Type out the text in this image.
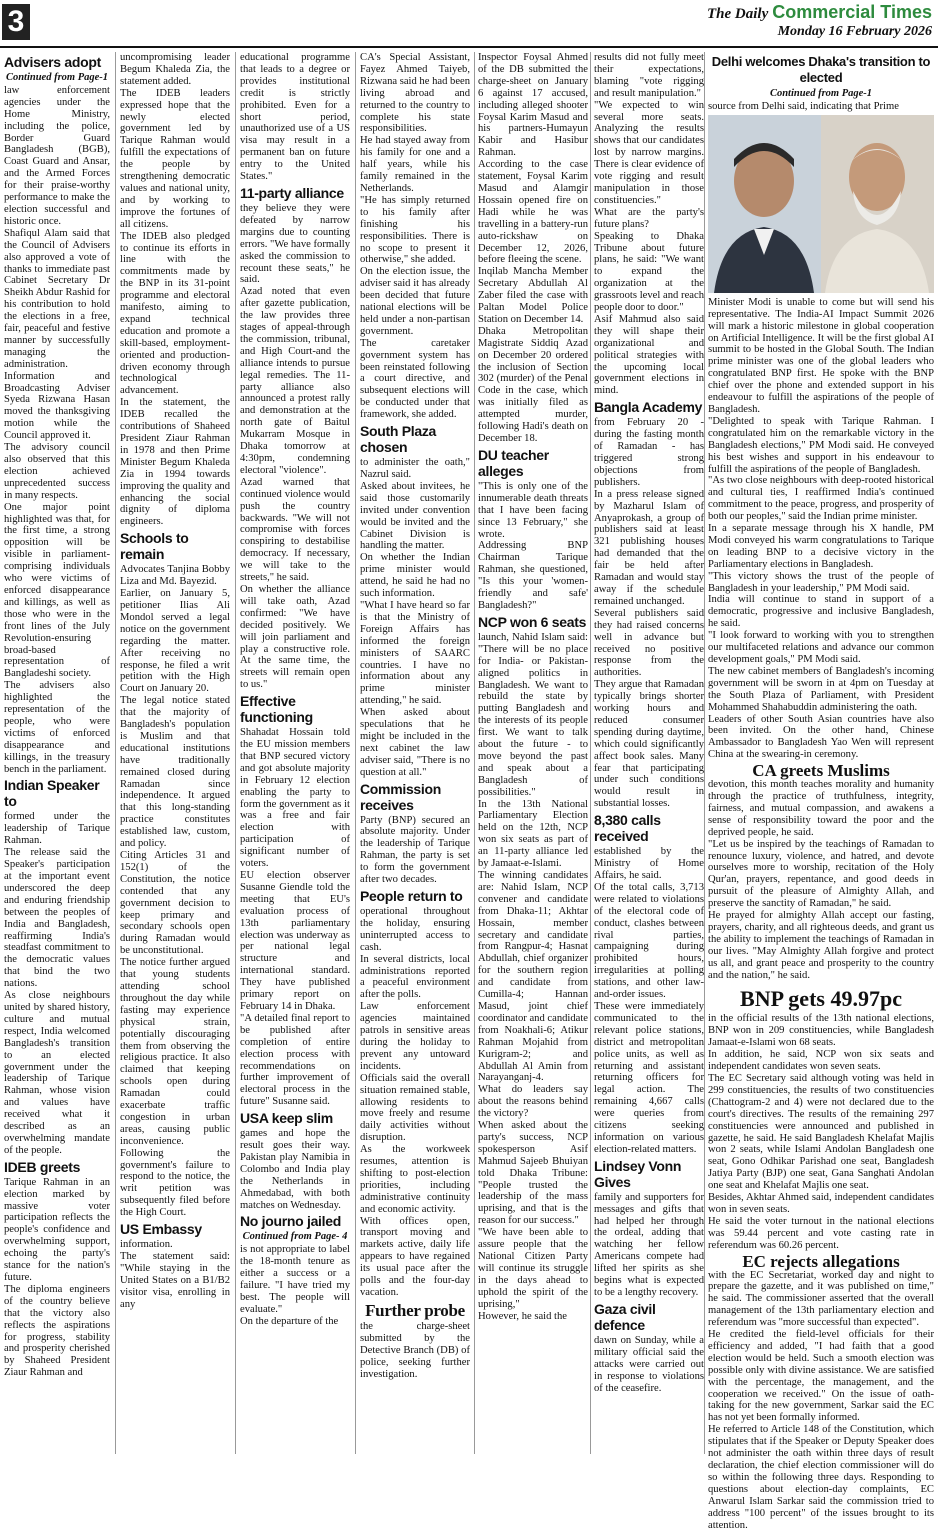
3	The Daily Commercial Times
Monday 16 February 2026
Advisers adopt
Continued from Page-1

law enforcement agencies under the Home Ministry, including the police, Border Guard Bangladesh (BGB), Coast Guard and Ansar, and the Armed Forces for their praise-worthy performance to make the election successful and historic once.

Shafiqul Alam said that the Council of Advisers also approved a vote of thanks to immediate past Cabinet Secretary Dr Sheikh Abdur Rashid for his contribution to hold the elections in a free, fair, peaceful and festive manner by successfully managing the administration.

Information and Broadcasting Adviser Syeda Rizwana Hasan moved the thanksgiving motion while the Council approved it.

The advisory council also observed that this election achieved unprecedented success in many respects.

One major point highlighted was that, for the first time, a strong opposition will be visible in parliament-comprising individuals who were victims of enforced disappearance and killings, as well as those who were in the front lines of the July Revolution-ensuring broad-based representation of Bangladeshi society.

The advisers also highlighted the representation of the people, who were victims of enforced disappearance and killings, in the treasury bench in the parliament.

Indian Speaker to

formed under the leadership of Tarique Rahman.

The release said the Speaker's participation at the important event underscored the deep and enduring friendship between the peoples of India and Bangladesh, reaffirming India's steadfast commitment to the democratic values that bind the two nations.

As close neighbours united by shared history, culture and mutual respect, India welcomed Bangladesh's transition to an elected government under the leadership of Tarique Rahman, whose vision and values have received what it described as an overwhelming mandate of the people.

IDEB greets

Tarique Rahman in an election marked by massive voter participation reflects the people's confidence and overwhelming support, echoing the party's stance for the nation's future.

The diploma engineers of the country believe that the victory also reflects the aspirations for progress, stability and prosperity cherished by Shaheed President Ziaur Rahman and

uncompromising leader Begum Khaleda Zia, the statement added.

The IDEB leaders expressed hope that the newly elected government led by Tarique Rahman would fulfill the expectations of the people by strengthening democratic values and national unity, and by working to improve the fortunes of all citizens.

The IDEB also pledged to continue its efforts in line with the commitments made by the BNP in its 31-point programme and electoral manifesto, aiming to expand technical education and promote a skill-based, employment-oriented and production-driven economy through technological advancement.

In the statement, the IDEB recalled the contributions of Shaheed President Ziaur Rahman in 1978 and then Prime Minister Begum Khaleda Zia in 1994 towards improving the quality and enhancing the social dignity of diploma engineers.

Schools to remain

Advocates Tanjina Bobby Liza and Md. Bayezid.

Earlier, on January 5, petitioner Ilias Ali Mondol served a legal notice on the government regarding the matter. After receiving no response, he filed a writ petition with the High Court on January 20.

The legal notice stated that the majority of Bangladesh's population is Muslim and that educational institutions have traditionally remained closed during Ramadan since independence. It argued that this long-standing practice constitutes established law, custom, and policy.

Citing Articles 31 and 152(1) of the Constitution, the notice contended that any government decision to keep primary and secondary schools open during Ramadan would be unconstitutional.

The notice further argued that young students attending school throughout the day while fasting may experience physical strain, potentially discouraging them from observing the religious practice. It also claimed that keeping schools open during Ramadan could exacerbate traffic congestion in urban areas, causing public inconvenience.

Following the government's failure to respond to the notice, the writ petition was subsequently filed before the High Court.

US Embassy

information.

The statement said: "While staying in the United States on a B1/B2 visitor visa, enrolling in any

educational programme that leads to a degree or provides institutional credit is strictly prohibited. Even for a short period, unauthorized use of a US visa may result in a permanent ban on future entry to the United States."

11-party alliance

they believe they were defeated by narrow margins due to counting errors. "We have formally asked the commission to recount these seats," he said.

Azad noted that even after gazette publication, the law provides three stages of appeal-through the commission, tribunal, and High Court-and the alliance intends to pursue legal remedies. The 11-party alliance also announced a protest rally and demonstration at the north gate of Baitul Mukarram Mosque in Dhaka tomorrow at 4:30pm, condemning electoral "violence".

Azad warned that continued violence would push the country backwards. "We will not compromise with forces conspiring to destabilise democracy. If necessary, we will take to the streets," he said.

On whether the alliance will take oath, Azad confirmed: "We have decided positively. We will join parliament and play a constructive role. At the same time, the streets will remain open to us."

Effective functioning

Shahadat Hossain told the EU mission members that BNP secured victory and got absolute majority in February 12 election enabling the party to form the government as it was a free and fair election with participation of significant number of voters.

EU election observer Susanne Giendle told the meeting that EU's evaluation process of 13th parliamentary election was underway as per national legal structure and international standard. They have published primary report on February 14 in Dhaka.

"A detailed final report to be published after completion of entire election process with recommendations on further improvement of electoral process in the future" Susanne said.

USA keep slim

games and hope the result goes their way. Pakistan play Namibia in Colombo and India play the Netherlands in Ahmedabad, with both matches on Wednesday.

No journo jailed
Continued from Page- 4

is not appropriate to label the 18-month tenure as either a success or a failure. "I have tried my best. The people will evaluate."

On the departure of the

CA's Special Assistant, Fayez Ahmed Taiyeb, Rizwana said he had been living abroad and returned to the country to complete his state responsibilities.

He had stayed away from his family for one and a half years, while his family remained in the Netherlands.

"He has simply returned to his family after finishing his responsibilities. There is no scope to present it otherwise," she added.

On the election issue, the adviser said it has already been decided that future national elections will be held under a non-partisan government.

The caretaker government system has been reinstated following a court directive, and subsequent elections will be conducted under that framework, she added.

South Plaza chosen

to administer the oath," Nazrul said.

Asked about invitees, he said those customarily invited under convention would be invited and the Cabinet Division is handling the matter.

On whether the Indian prime minister would attend, he said he had no such information.

"What I have heard so far is that the Ministry of Foreign Affairs has informed the foreign ministers of SAARC countries. I have no information about any prime minister attending," he said.

When asked about speculations that he might be included in the next cabinet the law adviser said, "There is no question at all."

Commission receives

Party (BNP) secured an absolute majority. Under the leadership of Tarique Rahman, the party is set to form the government after two decades.

People return to

operational throughout the holiday, ensuring uninterrupted access to cash.

In several districts, local administrations reported a peaceful environment after the polls.

Law enforcement agencies maintained patrols in sensitive areas during the holiday to prevent any untoward incidents.

Officials said the overall situation remained stable, allowing residents to move freely and resume daily activities without disruption.

As the workweek resumes, attention is shifting to post-election priorities, including administrative continuity and economic activity.

With offices open, transport moving and markets active, daily life appears to have regained its usual pace after the polls and the four-day vacation.

Further probe

the charge-sheet submitted by the Detective Branch (DB) of police, seeking further investigation.

Inspector Foysal Ahmed of the DB submitted the charge-sheet on January 6 against 17 accused, including alleged shooter Foysal Karim Masud and his partners-Humayun Kabir and Hasibur Rahman.

According to the case statement, Foysal Karim Masud and Alamgir Hossain opened fire on Hadi while he was travelling in a battery-run auto-rickshaw on December 12, 2026, before fleeing the scene.

Inqilab Mancha Member Secretary Abdullah Al Zaber filed the case with Paltan Model Police Station on December 14.

Dhaka Metropolitan Magistrate Siddiq Azad on December 20 ordered the inclusion of Section 302 (murder) of the Penal Code in the case, which was initially filed as attempted murder, following Hadi's death on December 18.

DU teacher alleges

"This is only one of the innumerable death threats that I have been facing since 13 February," she wrote.

Addressing BNP Chairman Tarique Rahman, she questioned, "Is this your 'women-friendly and safe' Bangladesh?"

NCP won 6 seats

launch, Nahid Islam said: "There will be no place for India- or Pakistan-aligned politics in Bangladesh. We want to rebuild the state by putting Bangladesh and the interests of its people first. We want to talk about the future - to move beyond the past and speak about a Bangladesh of possibilities."

In the 13th National Parliamentary Election held on the 12th, NCP won six seats as part of an 11-party alliance led by Jamaat-e-Islami.

The winning candidates are: Nahid Islam, NCP convener and candidate from Dhaka-11; Akhtar Hossain, member secretary and candidate from Rangpur-4; Hasnat Abdullah, chief organizer for the southern region and candidate from Cumilla-4; Hannan Masud, joint chief coordinator and candidate from Noakhali-6; Atikur Rahman Mojahid from Kurigram-2; and Abdullah Al Amin from Narayanganj-4.

What do leaders say about the reasons behind the victory?

When asked about the party's success, NCP spokesperson Asif Mahmud Sajeeb Bhuiyan told Dhaka Tribune: "People trusted the leadership of the mass uprising, and that is the reason for our success."

"We have been able to assure people that the National Citizen Party will continue its struggle in the days ahead to uphold the spirit of the uprising,"

However, he said the

results did not fully meet their expectations, blaming "vote rigging and result manipulation."

"We expected to win several more seats. Analyzing the results shows that our candidates lost by narrow margins. There is clear evidence of vote rigging and result manipulation in those constituencies."

What are the party's future plans?

Speaking to Dhaka Tribune about future plans, he said: "We want to expand the organization at the grassroots level and reach people door to door."

Asif Mahmud also said they will shape their organizational and political strategies with the upcoming local government elections in mind.

Bangla Academy

from February 20 - during the fasting month of Ramadan - has triggered strong objections from publishers.

In a press release signed by Mazharul Islam of Anyaprokash, a group of publishers said at least 321 publishing houses had demanded that the fair be held after Ramadan and would stay away if the schedule remained unchanged.

Several publishers said they had raised concerns well in advance but received no positive response from the authorities.

They argue that Ramadan typically brings shorter working hours and reduced consumer spending during daytime, which could significantly affect book sales. Many fear that participating under such conditions would result in substantial losses.

8,380 calls received

established by the Ministry of Home Affairs, he said.

Of the total calls, 3,713 were related to violations of the electoral code of conduct, clashes between rival parties, campaigning during prohibited hours, irregularities at polling stations, and other law-and-order issues.

These were immediately communicated to the relevant police stations, district and metropolitan police units, as well as returning and assistant returning officers for legal action. The remaining 4,667 calls were queries from citizens seeking information on various election-related matters.

Lindsey Vonn Gives

family and supporters for messages and gifts that had helped her through the ordeal, adding that watching her fellow Americans compete had lifted her spirits as she begins what is expected to be a lengthy recovery.

Gaza civil defence

dawn on Sunday, while a military official said the attacks were carried out in response to violations of the ceasefire.

Delhi welcomes Dhaka's transition to elected
Continued from Page-1

source from Delhi said, indicating that Prime

Minister Modi is unable to come but will send his representative. The India-AI Impact Summit 2026 will mark a historic milestone in global cooperation on Artificial Intelligence. It will be the first global AI summit to be hosted in the Global South. The Indian prime minister was one of the global leaders who congratulated BNP first. He spoke with the BNP chief over the phone and extended support in his endeavour to fulfill the aspirations of the people of Bangladesh.

"Delighted to speak with Tarique Rahman. I congratulated him on the remarkable victory in the Bangladesh elections," PM Modi said. He conveyed his best wishes and support in his endeavour to fulfill the aspirations of the people of Bangladesh.

"As two close neighbours with deep-rooted historical and cultural ties, I reaffirmed India's continued commitment to the peace, progress, and prosperity of both our peoples," said the Indian prime minister.

In a separate message through his X handle, PM Modi conveyed his warm congratulations to Tarique on leading BNP to a decisive victory in the Parliamentary elections in Bangladesh.

"This victory shows the trust of the people of Bangladesh in your leadership," PM Modi said.

India will continue to stand in support of a democratic, progressive and inclusive Bangladesh, he said.

"I look forward to working with you to strengthen our multifaceted relations and advance our common development goals," PM Modi said.

The new cabinet members of Bangladesh's incoming government will be sworn in at 4pm on Tuesday at the South Plaza of Parliament, with President Mohammed Shahabuddin administering the oath.

Leaders of other South Asian countries have also been invited. On the other hand, Chinese Ambassador to Bangladesh Yao Wen will represent China at the swearing-in ceremony.

CA greets Muslims

devotion, this month teaches morality and humanity through the practice of truthfulness, integrity, fairness, and mutual compassion, and awakens a sense of responsibility toward the poor and the deprived people, he said.

"Let us be inspired by the teachings of Ramadan to renounce luxury, violence, and hatred, and devote ourselves more to worship, recitation of the Holy Qur'an, prayers, repentance, and good deeds in pursuit of the pleasure of Almighty Allah, and preserve the sanctity of Ramadan," he said.

He prayed for almighty Allah accept our fasting, prayers, charity, and all righteous deeds, and grant us the ability to implement the teachings of Ramadan in our lives. "May Almighty Allah forgive and protect us all, and grant peace and prosperity to the country and the nation," he said.

BNP gets 49.97pc

in the official results of the 13th national elections, BNP won in 209 constituencies, while Bangladesh Jamaat-e-Islami won 68 seats.

In addition, he said, NCP won six seats and independent candidates won seven seats.

The EC Secretary said although voting was held in 299 constituencies, the results of two constituencies (Chattogram-2 and 4) were not declared due to the court's directives. The results of the remaining 297 constituencies were announced and published in gazette, he said. He said Bangladesh Khelafat Majlis won 2 seats, while Islami Andolan Bangladesh one seat, Gono Odhikar Parishad one seat, Bangladesh Jatiya Party (BJP) one seat, Gana Sanghati Andolan one seat and Khelafat Majlis one seat.

Besides, Akhtar Ahmed said, independent candidates won in seven seats.

He said the voter turnout in the national elections was 59.44 percent and vote casting rate in referendum was 60.26 percent.

EC rejects allegations

with the EC Secretariat, worked day and night to prepare the gazette, and it was published on time," he said. The commissioner asserted that the overall management of the 13th parliamentary election and referendum was "more successful than expected".

He credited the field-level officials for their efficiency and added, "I had faith that a good election would be held. Such a smooth election was possible only with divine assistance. We are satisfied with the percentage, the management, and the cooperation we received." On the issue of oath-taking for the new government, Sarkar said the EC has not yet been formally informed.

He referred to Article 148 of the Constitution, which stipulates that if the Speaker or Deputy Speaker does not administer the oath within three days of result declaration, the chief election commissioner will do so within the following three days. Responding to questions about election-day complaints, EC Anwarul Islam Sarkar said the commission tried to address "100 percent" of the issues brought to its attention.
